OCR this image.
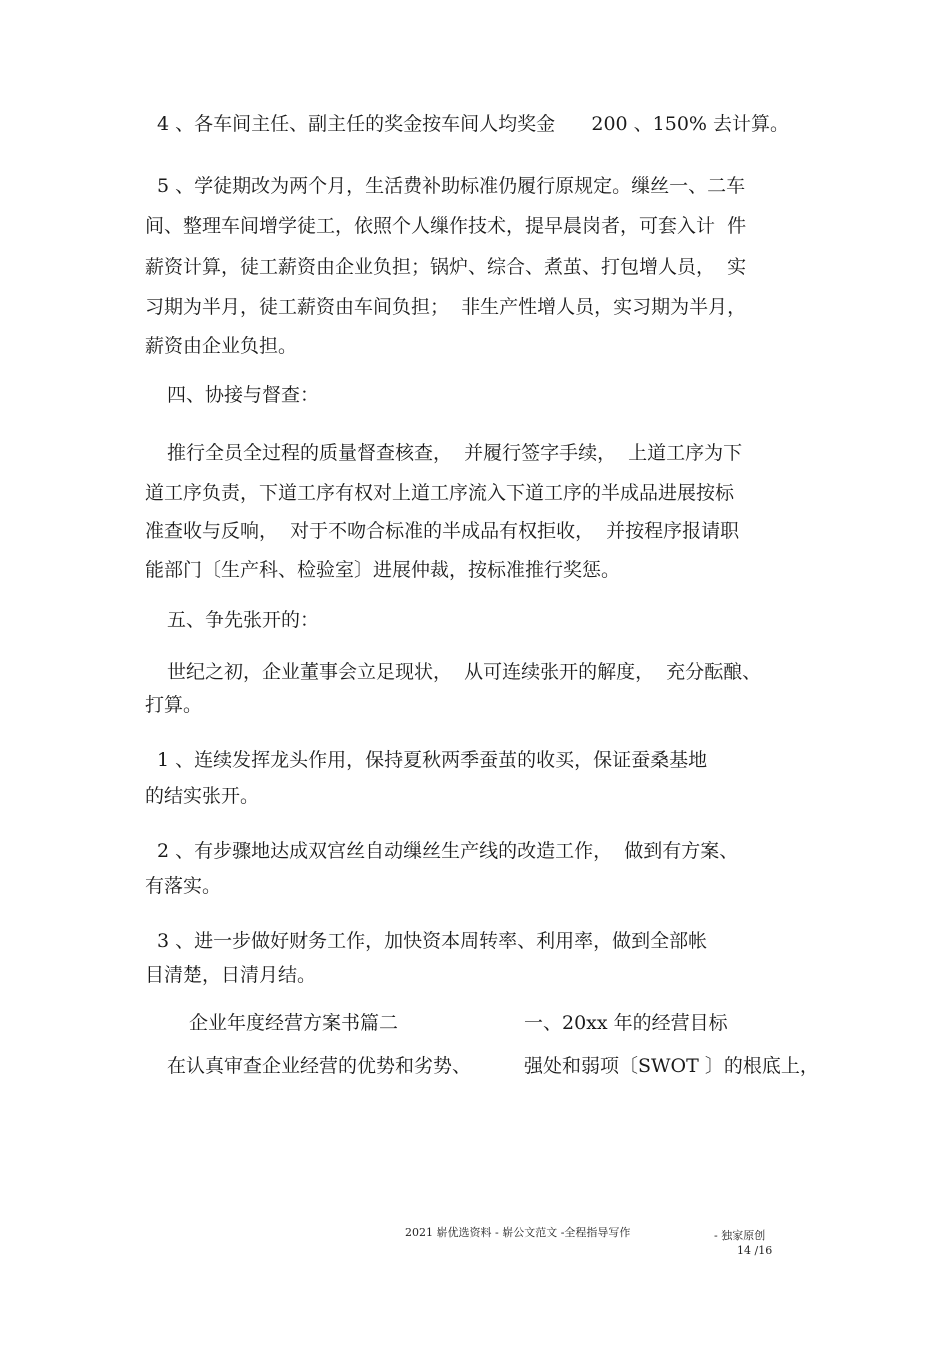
4 、各车间主任、副主任的奖金按车间人均奖金      200 、150% 去计算。
5 、学徒期改为两个月，生活费补助标准仍履行原规定。缫丝一、二车
间、整理车间增学徒工，依照个人缫作技术，提早晨岗者，可套入计  件
薪资计算，徒工薪资由企业负担；锅炉、综合、煮茧、打包增人员，  实
习期为半月，徒工薪资由车间负担；  非生产性增人员，实习期为半月，
薪资由企业负担。
四、协接与督查：
推行全员全过程的质量督查核查，  并履行签字手续，  上道工序为下
道工序负责，下道工序有权对上道工序流入下道工序的半成品进展按标
准查收与反响，  对于不吻合标准的半成品有权拒收，  并按程序报请职
能部门〔生产科、检验室〕进展仲裁，按标准推行奖惩。
五、争先张开的：
世纪之初，企业董事会立足现状，  从可连续张开的解度，  充分酝酿、
打算。
1 、连续发挥龙头作用，保持夏秋两季蚕茧的收买，保证蚕桑基地
的结实张开。
2 、有步骤地达成双宫丝自动缫丝生产线的改造工作，  做到有方案、
有落实。
3 、进一步做好财务工作，加快资本周转率、利用率，做到全部帐
目清楚，日清月结。
企业年度经营方案书篇二	一、20xx 年的经营目标
在认真审查企业经营的优势和劣势、	强处和弱项〔SWOT 〕的根底上，
2021 崭优选资料 - 崭公文范文 -全程指导写作	- 独家原创
14 /16
